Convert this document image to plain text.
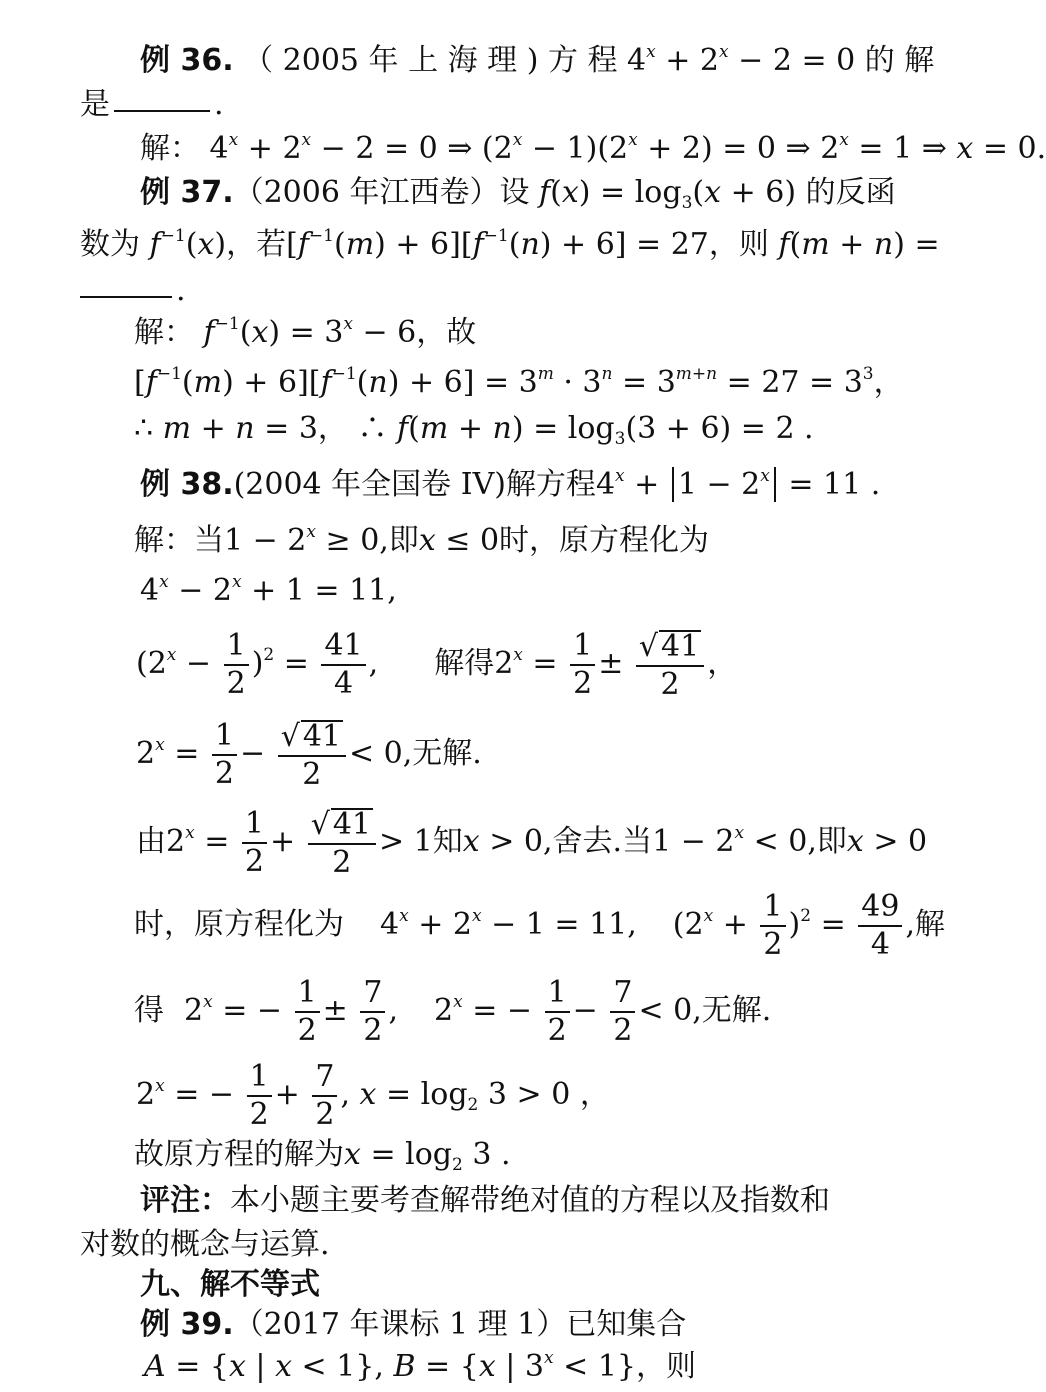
例 36. （ 2005 年 上 海 理 ) 方 程 $4^x + 2^x - 2 = 0$ 的 解
是	.
解： $4^x + 2^x - 2 = 0$ ⇒ $(2^x - 1)(2^x + 2) = 0$ ⇒ $2^x = 1$ ⇒ x = 0.
例 37.（2006 年江西卷）设 $f(x) = \log_3(x + 6)$ 的反函
数为 $f^{-1}(x)$，若$[f^{-1}(m) + 6][f^{-1}(n) + 6] = 27$，则 f(m + n) =
.
解： $f^{-1}(x) = 3^x - 6$，故
$[f^{-1}(m) + 6][f^{-1}(n) + 6] = 3^m \cdot 3^n = 3^{m+n} = 27 = 3^3$，
∴ m + n = 3， ∴ $f(m + n) = \log_3(3 + 6) = 2$ .
例 38.(2004 年全国卷 IV)解方程$4^x + 1 - 2^x = 11$ .
解：当$1 - 2^x \ge 0$,即x ≤ 0时，原方程化为
$4^x - 2^x + 1 = 11$,
$(2^x - \frac{1}{2} )^2 = \frac{41}{4}$ , 解得$2^x = \frac{1}{2} \pm \frac{√ 41}{2}$ ，
$2^x = \frac{1}{2} - \frac{√ 41}{2} < 0$,无解.
由$2^x = \frac{1}{2} + \frac{√ 41}{2} > 1$知x > 0,舍去.当$1 - 2^x < 0$,即x > 0
时，原方程化为 $4^x + 2^x - 1 = 11$, $(2^x + \frac{1}{2} )^2 = \frac{49}{4}$ ,解
得 $2^x$ = − $\frac{1}{2} \pm \frac{7}{2}$ , $2^x$ = − $\frac{1}{2} - \frac{7}{2} < 0$,无解.
$2^x$ = − $\frac{1}{2} + \frac{7}{2}$ , $x = \log_2 3 > 0$ ，
故原方程的解为$x = \log_2 3$ .
评注：本小题主要考查解带绝对值的方程以及指数和
对数的概念与运算.
九、解不等式
例 39.（2017 年课标 1 理 1）已知集合
A = {x | x < 1}, B = {x | $3^x < 1$}，则
